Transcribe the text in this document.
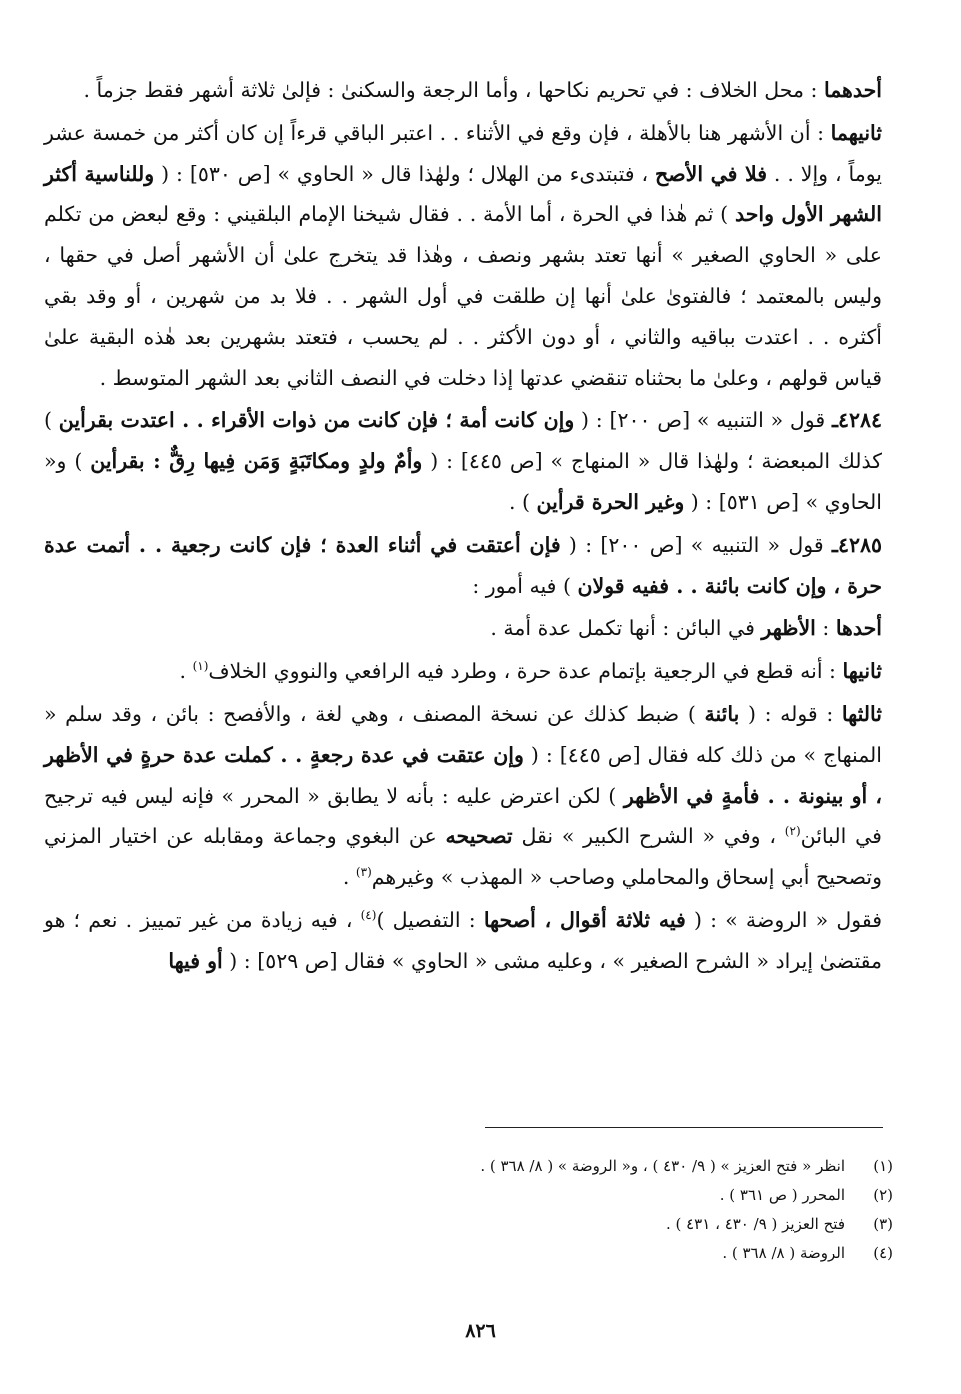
أحدهما : محل الخلاف : في تحريم نكاحها ، وأما الرجعة والسكنىٰ : فإلىٰ ثلاثة أشهر فقط جزماً .

ثانيهما : أن الأشهر هنا بالأهلة ، فإن وقع في الأثناء . . اعتبر الباقي قرءاً إن كان أكثر من خمسة عشر يوماً ، وإلا . . فلا في الأصح ، فتبتدىء من الهلال ؛ ولهٰذا قال « الحاوي » [ص ٥٣٠] : ( وللناسية أكثر الشهر الأول واحد ) ثم هٰذا في الحرة ، أما الأمة . . فقال شيخنا الإمام البلقيني : وقع لبعض من تكلم على « الحاوي الصغير » أنها تعتد بشهر ونصف ، وهٰذا قد يتخرج علىٰ أن الأشهر أصل في حقها ، وليس بالمعتمد ؛ فالفتوىٰ علىٰ أنها إن طلقت في أول الشهر . . فلا بد من شهرين ، أو وقد بقي أكثره . . اعتدت بباقيه والثاني ، أو دون الأكثر . . لم يحسب ، فتعتد بشهرين بعد هٰذه البقية علىٰ قياس قولهم ، وعلىٰ ما بحثناه تنقضي عدتها إذا دخلت في النصف الثاني بعد الشهر المتوسط .

٤٢٨٤ـ قول « التنبيه » [ص ٢٠٠] : ( وإن كانت أمة ؛ فإن كانت من ذوات الأقراء . . اعتدت بقرأين ) كذلك المبعضة ؛ ولهٰذا قال « المنهاج » [ص ٤٤٥] : ( وأمٌ ولدٍ ومكاتَبَةٍ وَمَن فِيها رِقٌّ : بقرأين ) و« الحاوي » [ص ٥٣١] : ( وغير الحرة قرأين ) .

٤٢٨٥ـ قول « التنبيه » [ص ٢٠٠] : ( فإن أعتقت في أثناء العدة ؛ فإن كانت رجعية . . أتمت عدة حرة ، وإن كانت بائنة . . ففيه قولان ) فيه أمور :

أحدها : الأظهر في البائن : أنها تكمل عدة أمة .

ثانيها : أنه قطع في الرجعية بإتمام عدة حرة ، وطرد فيه الرافعي والنووي الخلاف$^{(١)}$ .

ثالثها : قوله : ( بائنة ) ضبط كذلك عن نسخة المصنف ، وهي لغة ، والأفصح : بائن ، وقد سلم « المنهاج » من ذلك كله فقال [ص ٤٤٥] : ( وإن عتقت في عدة رجعةٍ . . كملت عدة حرةٍ في الأظهر ، أو بينونة . . فأمةٍ في الأظهر ) لكن اعترض عليه : بأنه لا يطابق « المحرر » فإنه ليس فيه ترجيح في البائن$^{(٢)}$ ، وفي « الشرح الكبير » نقل تصحيحه عن البغوي وجماعة ومقابله عن اختيار المزني وتصحيح أبي إسحاق والمحاملي وصاحب « المهذب » وغيرهم$^{(٣)}$ .

فقول « الروضة » : ( فيه ثلاثة أقوال ، أصحها : التفصيل )$^{(٤)}$ ، فيه زيادة من غير تمييز . نعم ؛ هو مقتضىٰ إيراد « الشرح الصغير » ، وعليه مشى « الحاوي » فقال [ص ٥٢٩] : ( أو فيها

(١)
انظر « فتح العزيز » ( ٩/ ٤٣٠ ) ، و« الروضة » ( ٨/ ٣٦٨ ) .
(٢)
المحرر ( ص ٣٦١ ) .
(٣)
فتح العزيز ( ٩/ ٤٣٠ ، ٤٣١ ) .
(٤)
الروضة ( ٨/ ٣٦٨ ) .
٨٢٦
